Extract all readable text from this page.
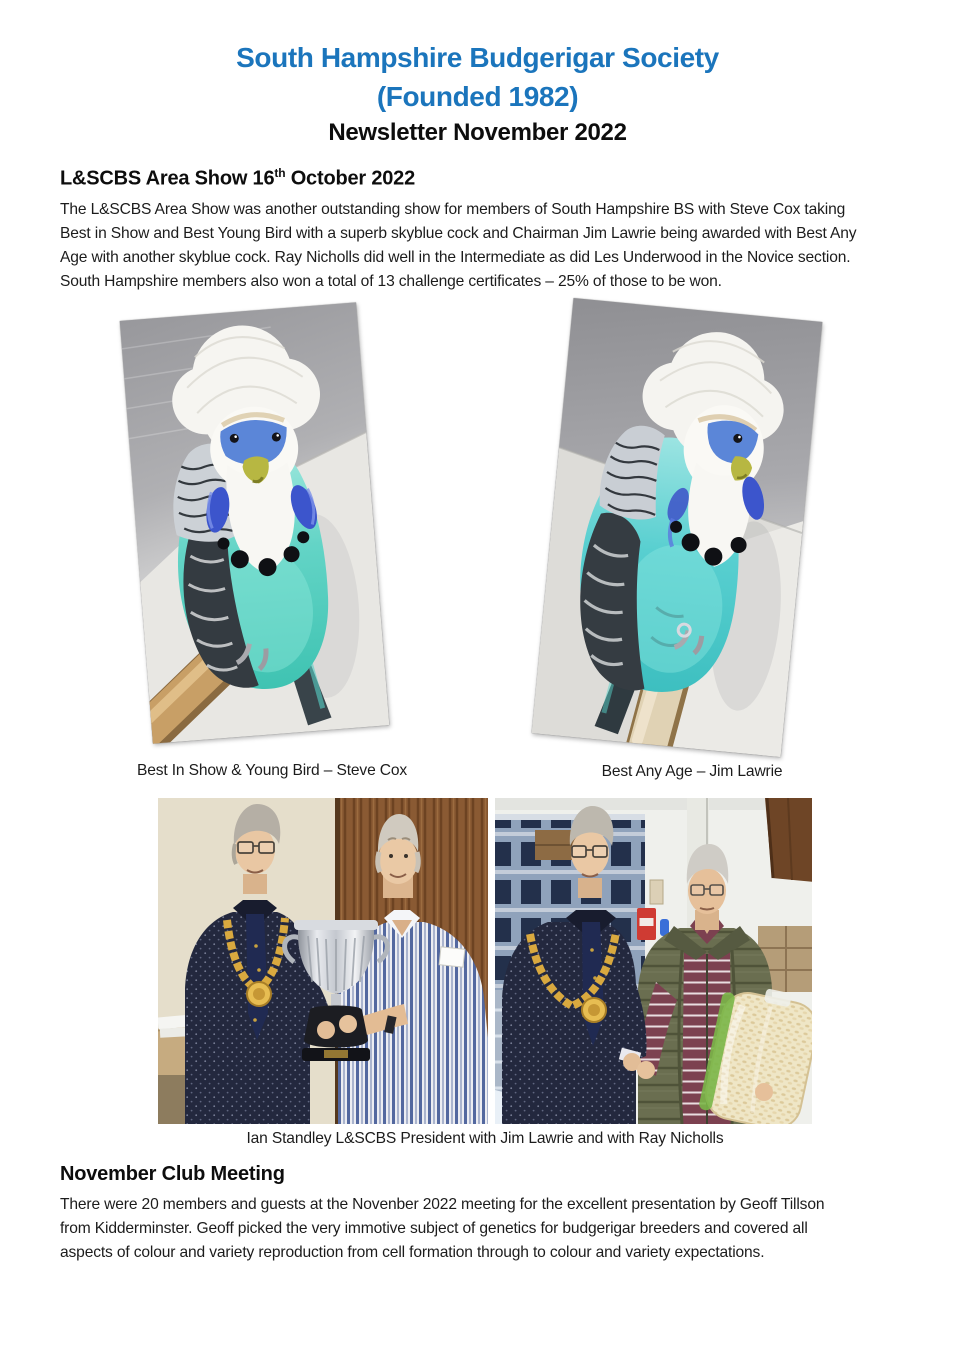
South Hampshire Budgerigar Society
(Founded 1982)
Newsletter November 2022
L&SCBS Area Show 16th October 2022
The L&SCBS Area Show was another outstanding show for members of South Hampshire BS with Steve Cox taking
Best in Show and Best Young Bird with a superb skyblue cock and Chairman Jim Lawrie being awarded with Best Any
Age with another skyblue cock. Ray Nicholls did well in the Intermediate as did Les Underwood in the Novice section.
South Hampshire members also won a total of 13 challenge certificates – 25% of those to be won.
Best In Show & Young Bird – Steve Cox	Best Any Age – Jim Lawrie
Ian Standley L&SCBS President with Jim Lawrie and with Ray Nicholls
November Club Meeting
There were 20 members and guests at the Novenber 2022 meeting for the excellent presentation by Geoff Tillson
from Kidderminster. Geoff picked the very immotive subject of genetics for budgerigar breeders and covered all
aspects of colour and variety reproduction from cell formation through to colour and variety expectations.
